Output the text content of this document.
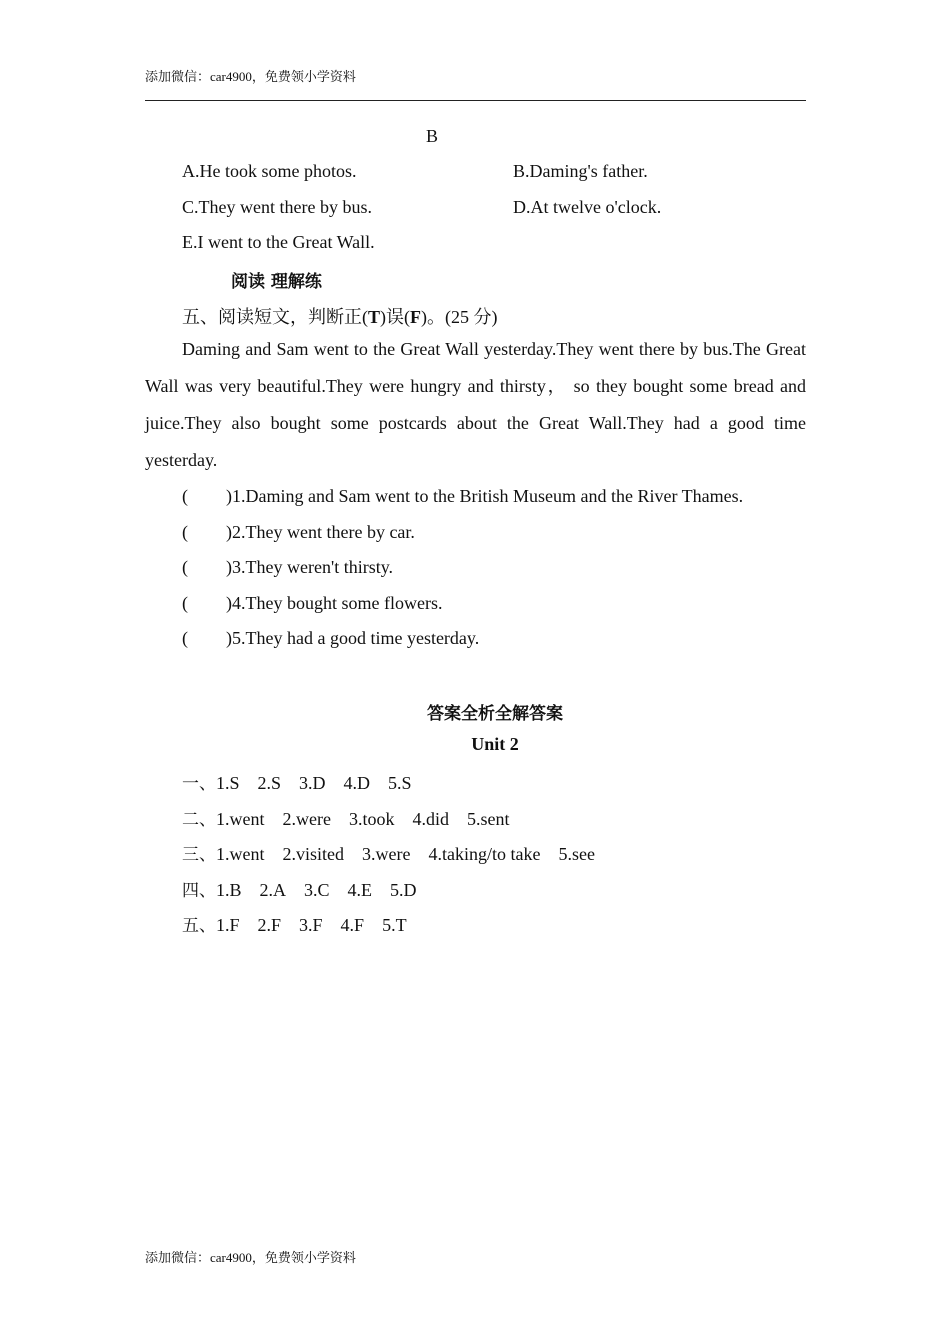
添加微信：car4900，免费领小学资料
B
A.He took some photos.	B.Daming's father.
C.They went there by bus.	D.At twelve o'clock.
E.I went to the Great Wall.
阅读 理解练
五、阅读短文，判断正(T)误(F)。(25 分)
Daming and Sam went to the Great Wall yesterday.They went there by bus.The Great Wall was very beautiful.They were hungry and thirsty， so they bought some bread and juice.They also bought some postcards about the Great Wall.They had a good time yesterday.
( )1.Daming and Sam went to the British Museum and the River Thames.
( )2.They went there by car.
( )3.They weren't thirsty.
( )4.They bought some flowers.
( )5.They had a good time yesterday.
答案全析全解答案
Unit 2
一、1.S 2.S 3.D 4.D 5.S
二、1.went 2.were 3.took 4.did 5.sent
三、1.went 2.visited 3.were 4.taking/to take 5.see
四、1.B 2.A 3.C 4.E 5.D
五、1.F 2.F 3.F 4.F 5.T
添加微信：car4900，免费领小学资料
